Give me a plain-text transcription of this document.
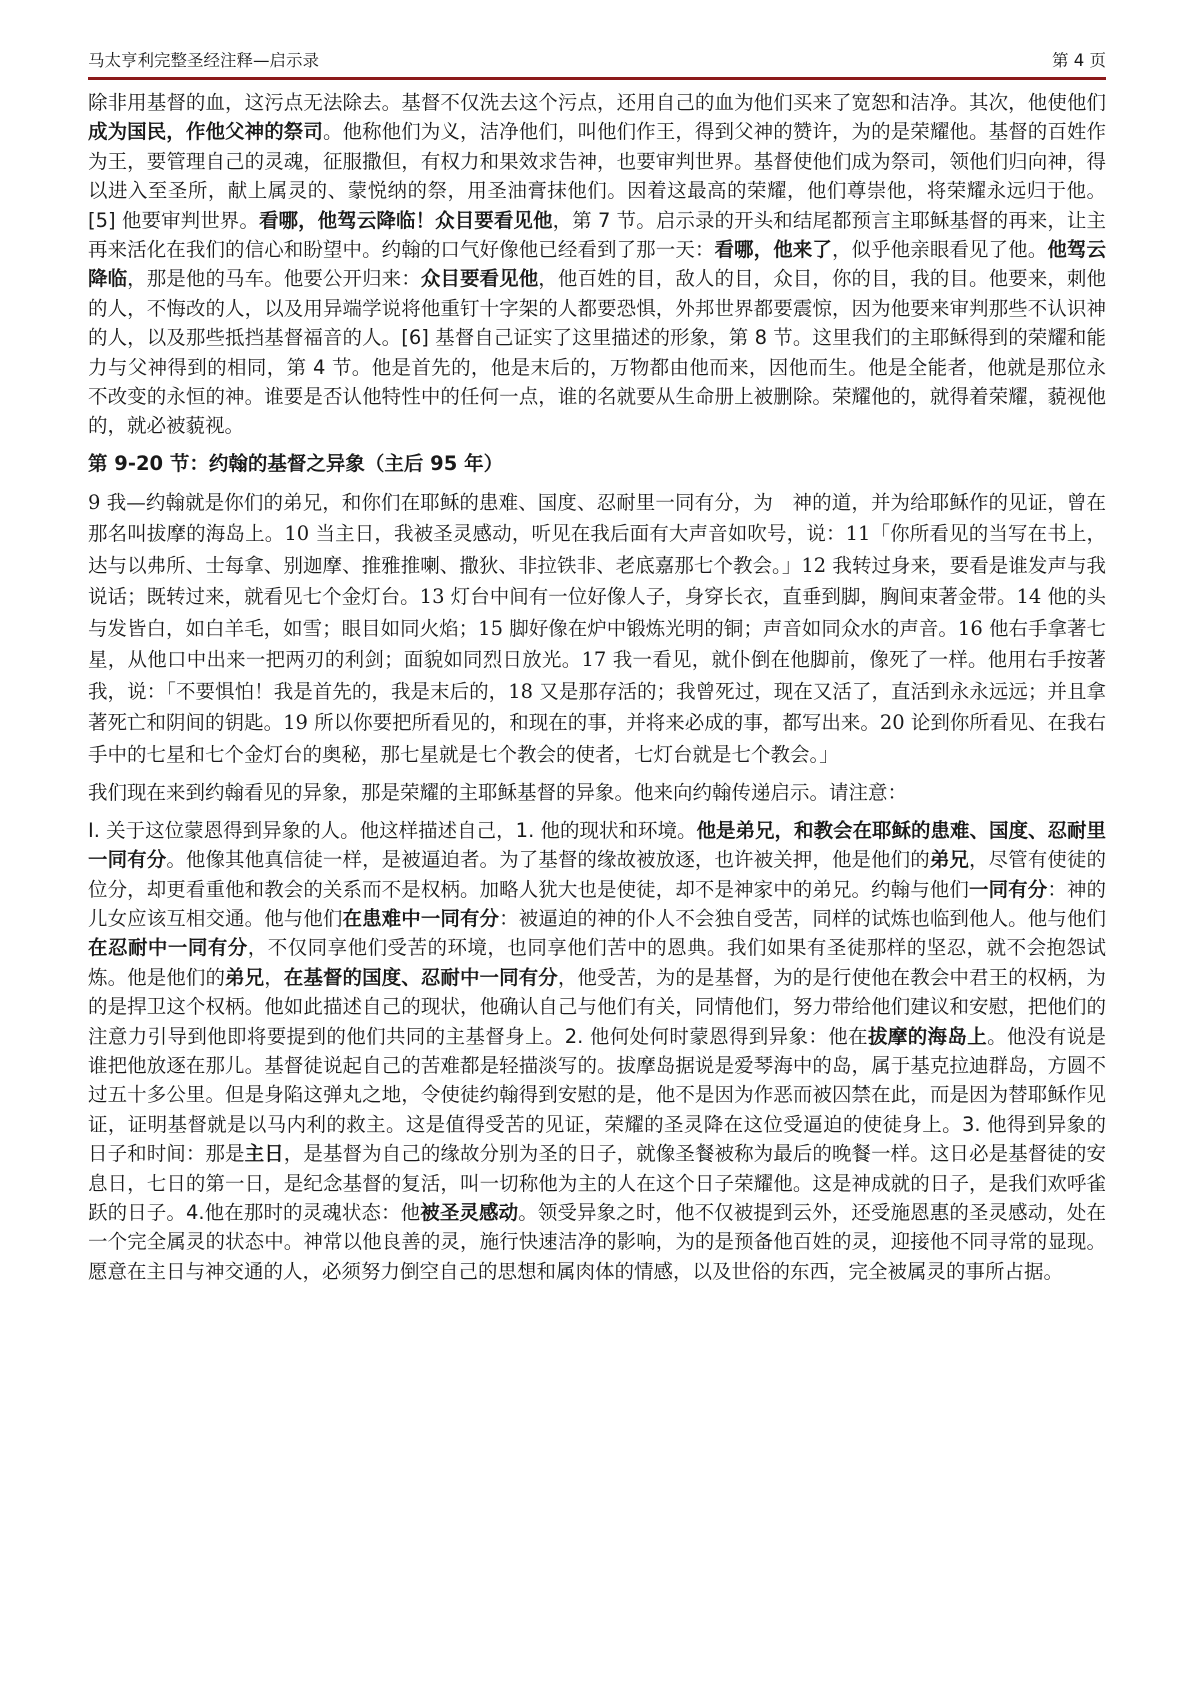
马太亨利完整圣经注释—启示录	第 4 页

除非用基督的血，这污点无法除去。基督不仅洗去这个污点，还用自己的血为他们买来了宽恕和洁净。其次，他使他们成为国民，作他父神的祭司。他称他们为义，洁净他们，叫他们作王，得到父神的赞许，为的是荣耀他。基督的百姓作为王，要管理自己的灵魂，征服撒但，有权力和果效求告神，也要审判世界。基督使他们成为祭司，领他们归向神，得以进入至圣所，献上属灵的、蒙悦纳的祭，用圣油膏抹他们。因着这最高的荣耀，他们尊崇他，将荣耀永远归于他。[5] 他要审判世界。看哪，他驾云降临！众目要看见他，第 7 节。启示录的开头和结尾都预言主耶稣基督的再来，让主再来活化在我们的信心和盼望中。约翰的口气好像他已经看到了那一天：看哪，他来了，似乎他亲眼看见了他。他驾云降临，那是他的马车。他要公开归来：众目要看见他，他百姓的目，敌人的目，众目，你的目，我的目。他要来，刺他的人，不悔改的人，以及用异端学说将他重钉十字架的人都要恐惧，外邦世界都要震惊，因为他要来审判那些不认识神的人，以及那些抵挡基督福音的人。[6] 基督自己证实了这里描述的形象，第 8 节。这里我们的主耶稣得到的荣耀和能力与父神得到的相同，第 4 节。他是首先的，他是末后的，万物都由他而来，因他而生。他是全能者，他就是那位永不改变的永恒的神。谁要是否认他特性中的任何一点，谁的名就要从生命册上被删除。荣耀他的，就得着荣耀，藐视他的，就必被藐视。

第 9-20 节：约翰的基督之异象（主后 95 年）

9 我—约翰就是你们的弟兄，和你们在耶稣的患难、国度、忍耐里一同有分，为　神的道，并为给耶稣作的见证，曾在那名叫拔摩的海岛上。10 当主日，我被圣灵感动，听见在我后面有大声音如吹号，说：11「你所看见的当写在书上，达与以弗所、士每拿、别迦摩、推雅推喇、撒狄、非拉铁非、老底嘉那七个教会。」12 我转过身来，要看是谁发声与我说话；既转过来，就看见七个金灯台。13 灯台中间有一位好像人子，身穿长衣，直垂到脚，胸间束著金带。14 他的头与发皆白，如白羊毛，如雪；眼目如同火焰；15 脚好像在炉中锻炼光明的铜；声音如同众水的声音。16 他右手拿著七星，从他口中出来一把两刃的利剑；面貌如同烈日放光。17 我一看见，就仆倒在他脚前，像死了一样。他用右手按著我，说：「不要惧怕！我是首先的，我是末后的，18 又是那存活的；我曾死过，现在又活了，直活到永永远远；并且拿著死亡和阴间的钥匙。19 所以你要把所看见的，和现在的事，并将来必成的事，都写出来。20 论到你所看见、在我右手中的七星和七个金灯台的奥秘，那七星就是七个教会的使者，七灯台就是七个教会。」

我们现在来到约翰看见的异象，那是荣耀的主耶稣基督的异象。他来向约翰传递启示。请注意：

I. 关于这位蒙恩得到异象的人。他这样描述自己，1. 他的现状和环境。他是弟兄，和教会在耶稣的患难、国度、忍耐里一同有分。他像其他真信徒一样，是被逼迫者。为了基督的缘故被放逐，也许被关押，他是他们的弟兄，尽管有使徒的位分，却更看重他和教会的关系而不是权柄。加略人犹大也是使徒，却不是神家中的弟兄。约翰与他们一同有分：神的儿女应该互相交通。他与他们在患难中一同有分：被逼迫的神的仆人不会独自受苦，同样的试炼也临到他人。他与他们在忍耐中一同有分，不仅同享他们受苦的环境，也同享他们苦中的恩典。我们如果有圣徒那样的坚忍，就不会抱怨试炼。他是他们的弟兄，在基督的国度、忍耐中一同有分，他受苦，为的是基督，为的是行使他在教会中君王的权柄，为的是捍卫这个权柄。他如此描述自己的现状，他确认自己与他们有关，同情他们，努力带给他们建议和安慰，把他们的注意力引导到他即将要提到的他们共同的主基督身上。2. 他何处何时蒙恩得到异象：他在拔摩的海岛上。他没有说是谁把他放逐在那儿。基督徒说起自己的苦难都是轻描淡写的。拔摩岛据说是爱琴海中的岛，属于基克拉迪群岛，方圆不过五十多公里。但是身陷这弹丸之地，令使徒约翰得到安慰的是，他不是因为作恶而被囚禁在此，而是因为替耶稣作见证，证明基督就是以马内利的救主。这是值得受苦的见证，荣耀的圣灵降在这位受逼迫的使徒身上。3. 他得到异象的日子和时间：那是主日，是基督为自己的缘故分别为圣的日子，就像圣餐被称为最后的晚餐一样。这日必是基督徒的安息日，七日的第一日，是纪念基督的复活，叫一切称他为主的人在这个日子荣耀他。这是神成就的日子，是我们欢呼雀跃的日子。4.他在那时的灵魂状态：他被圣灵感动。领受异象之时，他不仅被提到云外，还受施恩惠的圣灵感动，处在一个完全属灵的状态中。神常以他良善的灵，施行快速洁净的影响，为的是预备他百姓的灵，迎接他不同寻常的显现。愿意在主日与神交通的人，必须努力倒空自己的思想和属肉体的情感，以及世俗的东西，完全被属灵的事所占据。
